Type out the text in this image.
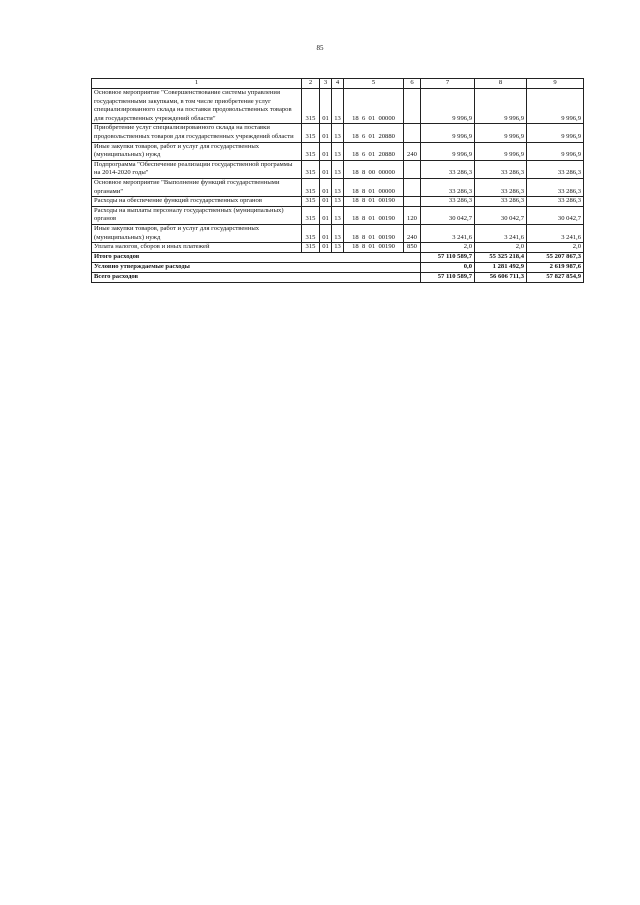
85
1	2	3	4	5	6	7	8	9
Основное мероприятие "Совершенствование системы управления государственными закупками, в том числе приобретение услуг специализированного склада на поставки продовольственных товаров для государственных учреждений области"	315	01	13	18  6  01  00000		9 996,9	9 996,9	9 996,9
Приобретение услуг специализированного склада на поставки продовольственных товаров для государственных учреждений области	315	01	13	18  6  01  20880		9 996,9	9 996,9	9 996,9
Иные закупки товаров, работ и услуг для государственных (муниципальных) нужд	315	01	13	18  6  01  20880	240	9 996,9	9 996,9	9 996,9
Подпрограмма "Обеспечение реализации государственной программы на 2014-2020 годы"	315	01	13	18  8  00  00000		33 286,3	33 286,3	33 286,3
Основное мероприятие "Выполнение функций государственными органами"	315	01	13	18  8  01  00000		33 286,3	33 286,3	33 286,3
Расходы на обеспечение функций государственных органов	315	01	13	18  8  01  00190		33 286,3	33 286,3	33 286,3
Расходы на выплаты персоналу государственных (муниципальных) органов	315	01	13	18  8  01  00190	120	30 042,7	30 042,7	30 042,7
Иные закупки товаров, работ и услуг для государственных (муниципальных) нужд	315	01	13	18  8  01  00190	240	3 241,6	3 241,6	3 241,6
Уплата налогов, сборов и иных платежей	315	01	13	18  8  01  00190	850	2,0	2,0	2,0
Итого расходов						57 110 589,7	55 325 218,4	55 207 867,3
Условно утверждаемые расходы						0,0	1 281 492,9	2 619 987,6
Всего расходов						57 110 589,7	56 606 711,3	57 827 854,9
